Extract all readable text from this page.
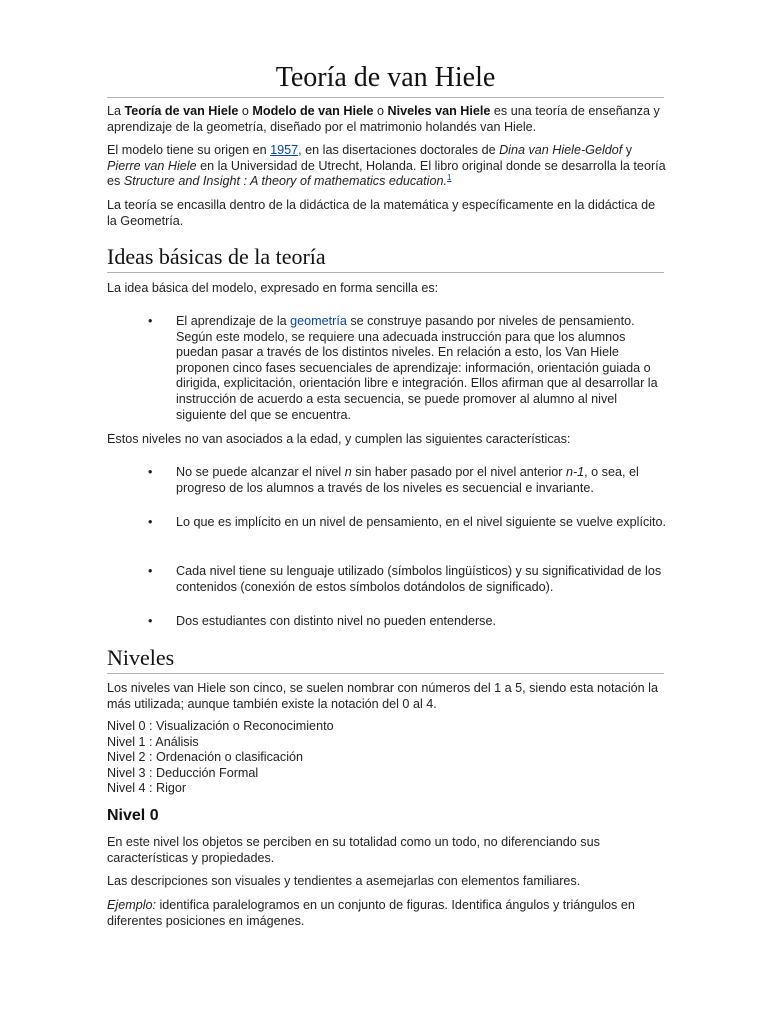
Teoría de van Hiele
La Teoría de van Hiele o Modelo de van Hiele o Niveles van Hiele es una teoría de enseñanza y aprendizaje de la geometría, diseñado por el matrimonio holandés van Hiele.
El modelo tiene su origen en 1957, en las disertaciones doctorales de Dina van Hiele-Geldof y Pierre van Hiele en la Universidad de Utrecht, Holanda. El libro original donde se desarrolla la teoría es Structure and Insight : A theory of mathematics education.$^1$
La teoría se encasilla dentro de la didáctica de la matemática y específicamente en la didáctica de la Geometría.
Ideas básicas de la teoría
La idea básica del modelo, expresado en forma sencilla es:
• El aprendizaje de la geometría se construye pasando por niveles de pensamiento. Según este modelo, se requiere una adecuada instrucción para que los alumnos puedan pasar a través de los distintos niveles. En relación a esto, los Van Hiele proponen cinco fases secuenciales de aprendizaje: información, orientación guiada o dirigida, explicitación, orientación libre e integración. Ellos afirman que al desarrollar la instrucción de acuerdo a esta secuencia, se puede promover al alumno al nivel siguiente del que se encuentra.
Estos niveles no van asociados a la edad, y cumplen las siguientes características:
• No se puede alcanzar el nivel n sin haber pasado por el nivel anterior n-1, o sea, el progreso de los alumnos a través de los niveles es secuencial e invariante.
• Lo que es implícito en un nivel de pensamiento, en el nivel siguiente se vuelve explícito.
• Cada nivel tiene su lenguaje utilizado (símbolos lingüísticos) y su significatividad de los contenidos (conexión de estos símbolos dotándolos de significado).
• Dos estudiantes con distinto nivel no pueden entenderse.
Niveles
Los niveles van Hiele son cinco, se suelen nombrar con números del 1 a 5, siendo esta notación la más utilizada; aunque también existe la notación del 0 al 4.
Nivel 0 : Visualización o Reconocimiento
Nivel 1 : Análisis
Nivel 2 : Ordenación o clasificación
Nivel 3 : Deducción Formal
Nivel 4 : Rigor
Nivel 0
En este nivel los objetos se perciben en su totalidad como un todo, no diferenciando sus características y propiedades.
Las descripciones son visuales y tendientes a asemejarlas con elementos familiares.
Ejemplo: identifica paralelogramos en un conjunto de figuras. Identifica ángulos y triángulos en diferentes posiciones en imágenes.
